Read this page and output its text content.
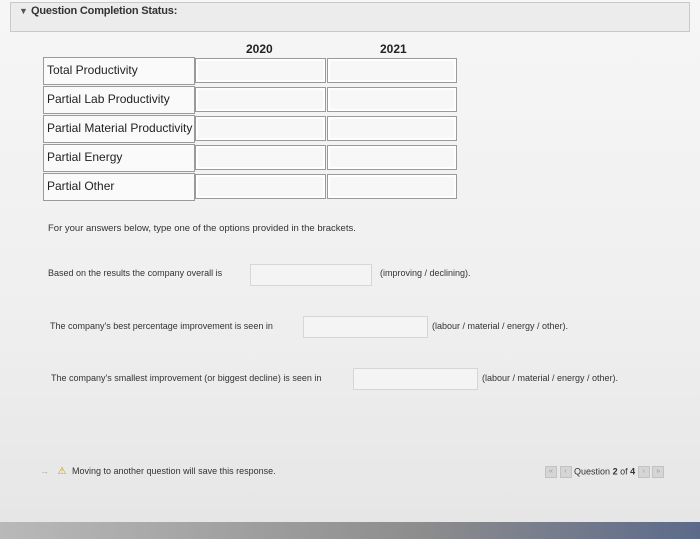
▼ Question Completion Status:
2020	2021
Total Productivity
Partial Lab Productivity
Partial Material Productivity
Partial Energy
Partial Other
For your answers below, type one of the options provided in the brackets.
Based on the results the company overall is	(improving / declining).
The company's best percentage improvement is seen in	(labour / material / energy / other).
The company's smallest improvement (or biggest decline) is seen in	(labour / material / energy / other).
→ ⚠ Moving to another question will save this response.	« ‹ Question 2 of 4 › »
